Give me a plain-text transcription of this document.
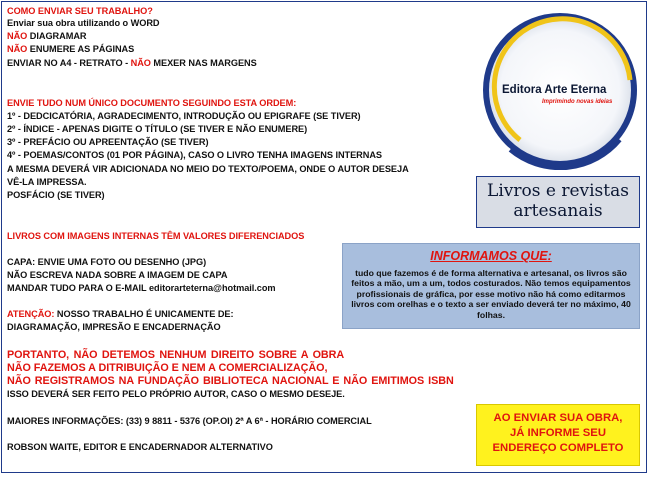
COMO ENVIAR SEU TRABALHO?
Enviar sua obra utilizando o WORD
NÃO DIAGRAMAR
NÃO ENUMERE AS PÁGINAS
ENVIAR NO A4 - RETRATO - NÃO MEXER NAS MARGENS
ENVIE TUDO NUM ÚNICO DOCUMENTO SEGUINDO ESTA ORDEM:
1º - DEDCICATÓRIA, AGRADECIMENTO, INTRODUÇÃO OU EPIGRAFE (SE TIVER)
2º - ÍNDICE - APENAS DIGITE O TÍTULO (SE TIVER E NÃO ENUMERE)
3º - PREFÁCIO OU APREENTAÇÃO (SE TIVER)
4º - POEMAS/CONTOS (01 POR PÁGINA), CASO O LIVRO TENHA IMAGENS INTERNAS
A MESMA DEVERÁ VIR ADICIONADA NO MEIO DO TEXTO/POEMA, ONDE O AUTOR DESEJA
VÊ-LA IMPRESSA.
POSFÁCIO (SE TIVER)
LIVROS COM IMAGENS INTERNAS TÊM VALORES DIFERENCIADOS
CAPA: ENVIE UMA FOTO OU DESENHO (JPG)
NÃO ESCREVA NADA SOBRE A IMAGEM DE CAPA
MANDAR TUDO PARA O E-MAIL editorarteterna@hotmail.com
ATENÇÃO: NOSSO TRABALHO É UNICAMENTE DE:
DIAGRAMAÇÃO, IMPRESÃO E ENCADERNAÇÃO
PORTANTO, NÃO DETEMOS NENHUM DIREITO SOBRE A OBRA
NÃO FAZEMOS A DITRIBUIÇÃO E NEM A COMERCIALIZAÇÃO,
NÃO REGISTRAMOS NA FUNDAÇÃO BIBLIOTECA NACIONAL E NÃO EMITIMOS ISBN
ISSO DEVERÁ SER FEITO PELO PRÓPRIO AUTOR, CASO O MESMO DESEJE.
MAIORES INFORMAÇÕES: (33) 9 8811 - 5376 (OP.OI) 2ª A 6ª - HORÁRIO COMERCIAL
ROBSON WAITE, EDITOR E ENCADERNADOR ALTERNATIVO
Editora Arte Eterna
Imprimindo novas ideias
Livros e revistas
artesanais
INFORMAMOS QUE:
tudo que fazemos é de forma alternativa e artesanal, os livros são feitos a mão, um a um, todos costurados. Não temos equipamentos profissionais de gráfica, por esse motivo não há como editarmos livros com orelhas e o texto a ser enviado deverá ter no máximo, 40 folhas.
AO ENVIAR SUA OBRA,
JÁ INFORME SEU
ENDEREÇO COMPLETO
